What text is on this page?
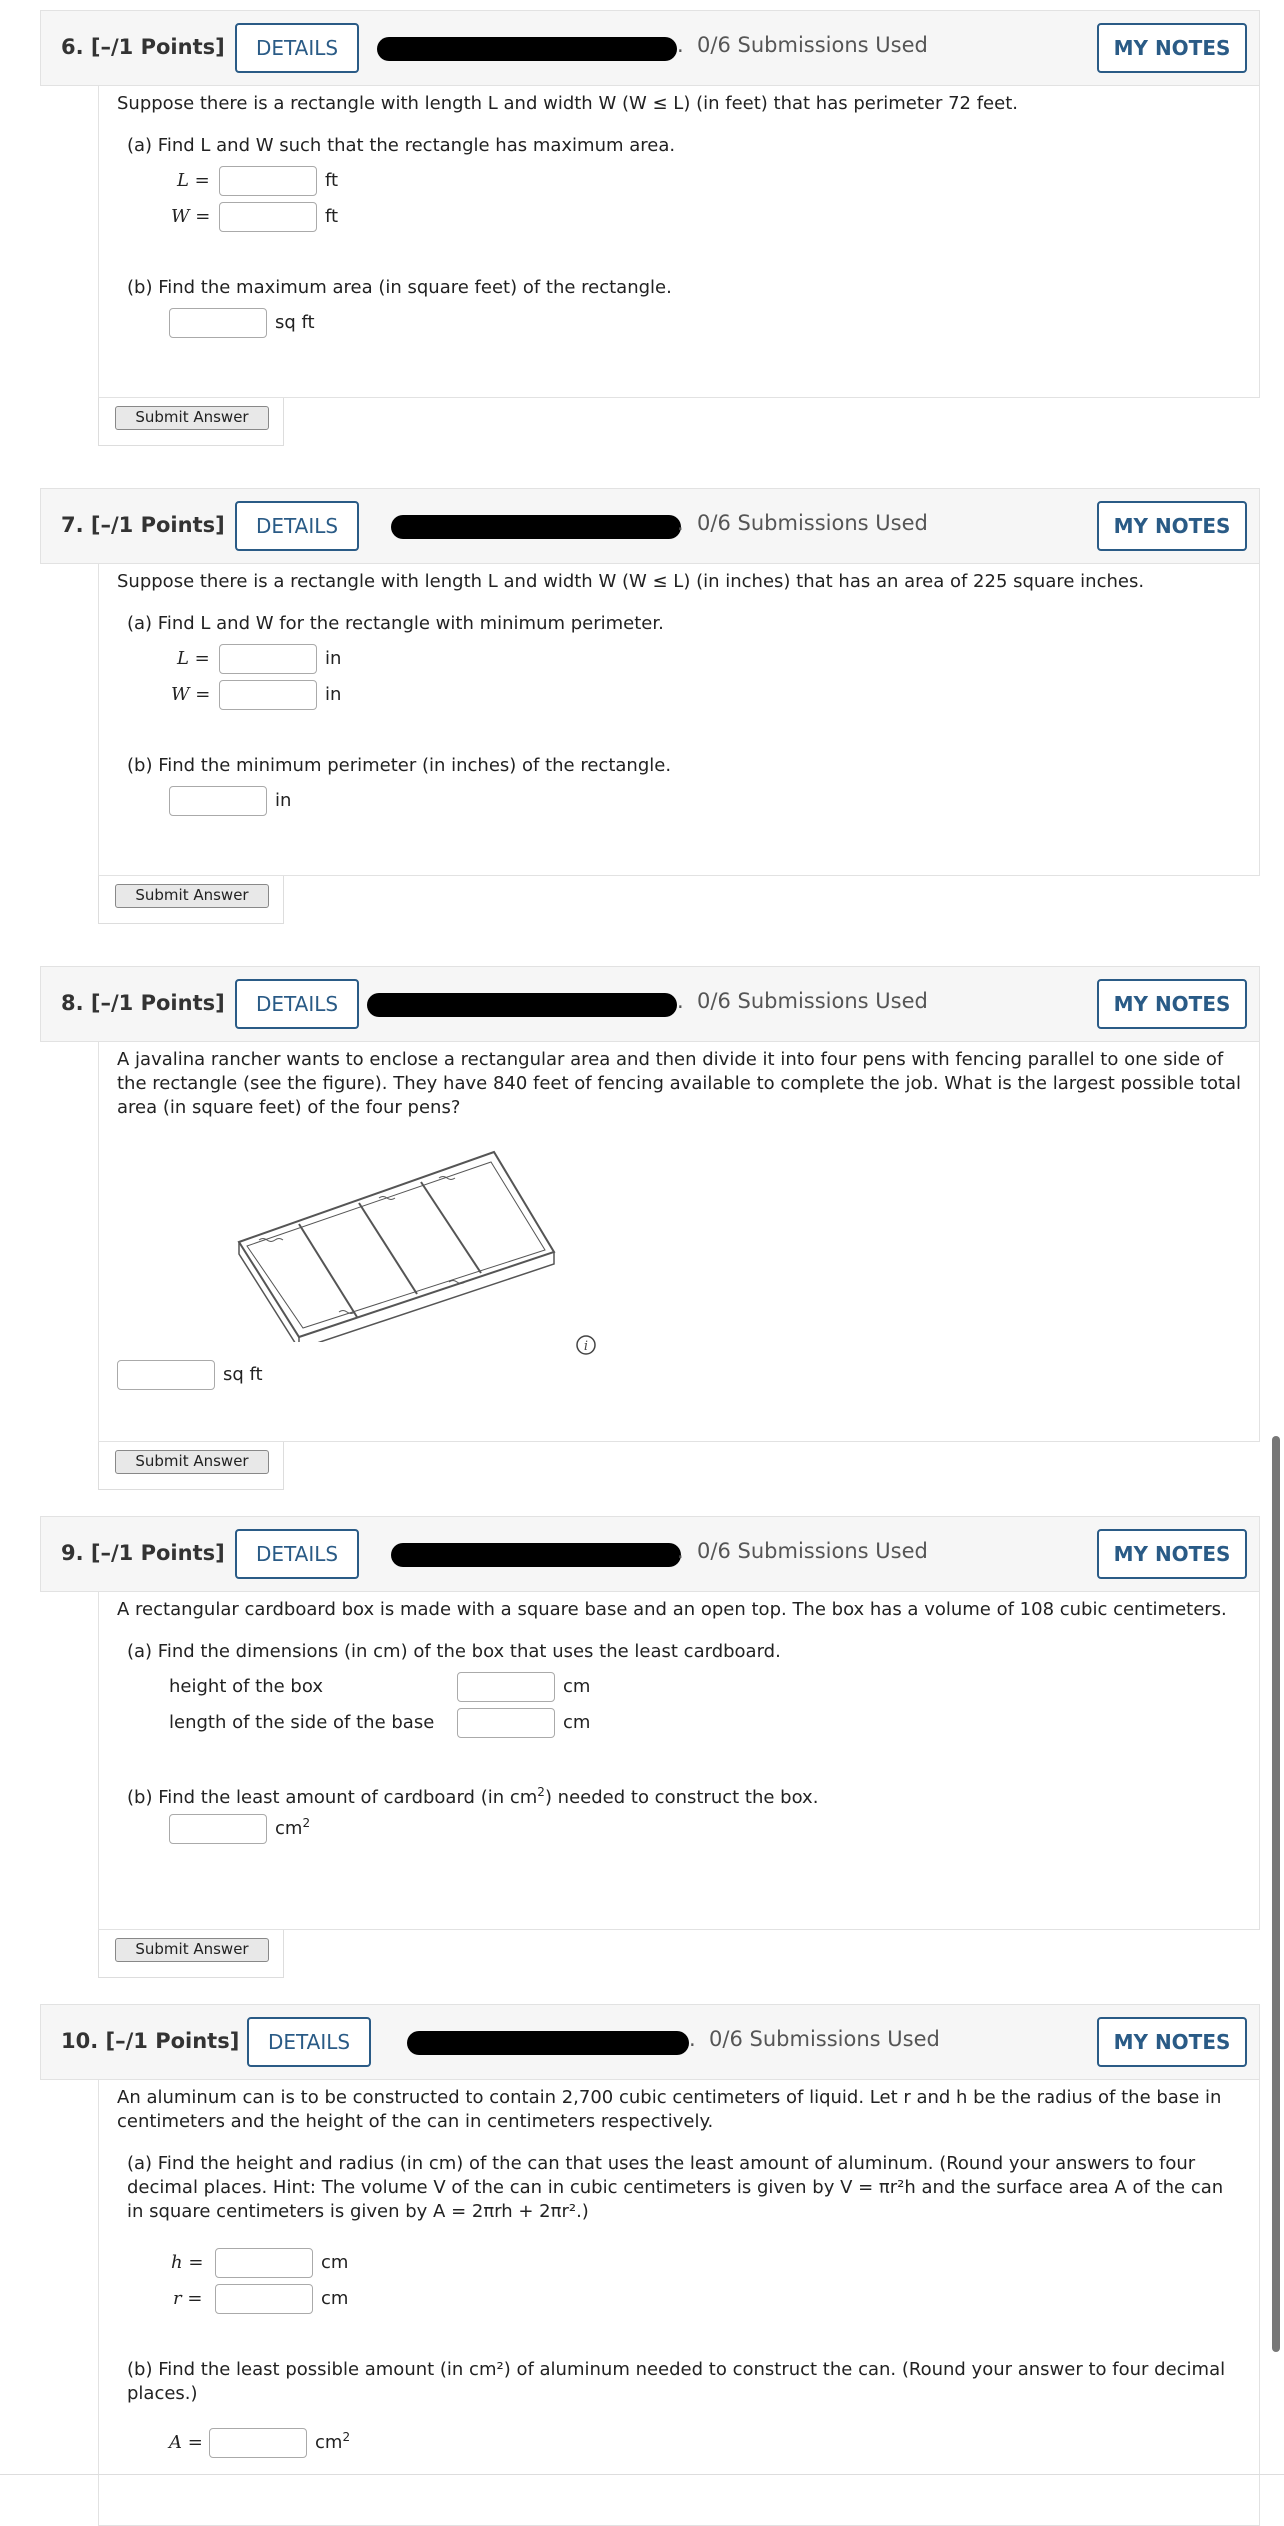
6. [–/1 Points]	DETAILS	. 0/6 Submissions Used	MY NOTES
Suppose there is a rectangle with length L and width W (W ≤ L) (in feet) that has perimeter 72 feet.
(a) Find L and W such that the rectangle has maximum area.
L =	ft
W =	ft
(b) Find the maximum area (in square feet) of the rectangle.
sq ft
Submit Answer
7. [–/1 Points]	DETAILS	. 0/6 Submissions Used	MY NOTES
Suppose there is a rectangle with length L and width W (W ≤ L) (in inches) that has an area of 225 square inches.
(a) Find L and W for the rectangle with minimum perimeter.
L =	in
W =	in
(b) Find the minimum perimeter (in inches) of the rectangle.
in
Submit Answer
8. [–/1 Points]	DETAILS	. 0/6 Submissions Used	MY NOTES
A javalina rancher wants to enclose a rectangular area and then divide it into four pens with fencing parallel to one side of the rectangle (see the figure). They have 840 feet of fencing available to complete the job. What is the largest possible total area (in square feet) of the four pens?
i
sq ft
Submit Answer
9. [–/1 Points]	DETAILS	. 0/6 Submissions Used	MY NOTES
A rectangular cardboard box is made with a square base and an open top. The box has a volume of 108 cubic centimeters.
(a) Find the dimensions (in cm) of the box that uses the least cardboard.
height of the box	cm
length of the side of the base	cm
(b) Find the least amount of cardboard (in $cm^2$) needed to construct the box.
$cm^2$
Submit Answer
10. [–/1 Points]	DETAILS	. 0/6 Submissions Used	MY NOTES
An aluminum can is to be constructed to contain 2,700 cubic centimeters of liquid. Let r and h be the radius of the base in centimeters and the height of the can in centimeters respectively.
(a) Find the height and radius (in cm) of the can that uses the least amount of aluminum. (Round your answers to four decimal places. Hint: The volume V of the can in cubic centimeters is given by V = πr²h and the surface area A of the can in square centimeters is given by A = 2πrh + 2πr².)
h =	cm
r =	cm
(b) Find the least possible amount (in cm²) of aluminum needed to construct the can. (Round your answer to four decimal places.)
A =	$cm^2$
